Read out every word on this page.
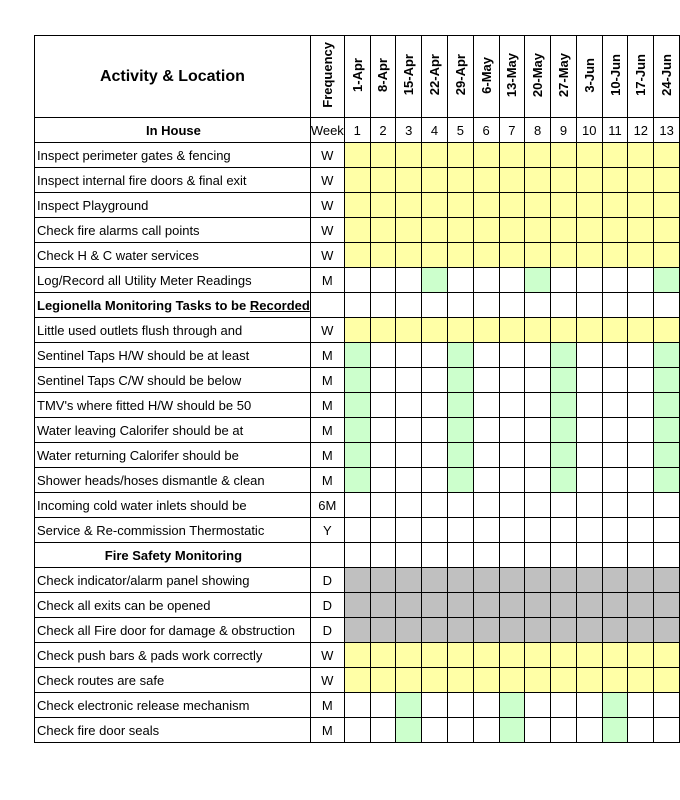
Activity & Location	Frequency	1-Apr	8-Apr	15-Apr	22-Apr	29-Apr	6-May	13-May	20-May	27-May	3-Jun	10-Jun	17-Jun	24-Jun
In House	Week	1	2	3	4	5	6	7	8	9	10	11	12	13
Inspect perimeter gates & fencing	W													
Inspect internal fire doors & final exit	W													
Inspect Playground	W													
Check fire alarms call points	W													
Check H & C water services	W													
Log/Record all Utility Meter Readings	M													
Legionella Monitoring Tasks to be Recorded														
Little used outlets flush through and	W													
Sentinel Taps H/W should be at least	M													
Sentinel Taps C/W should be below	M													
TMV's where fitted H/W should be 50	M													
Water leaving Calorifer should be at	M													
Water returning Calorifer should be	M													
Shower heads/hoses dismantle & clean	M													
Incoming cold water inlets should be	6M													
Service & Re-commission Thermostatic	Y													
Fire Safety Monitoring														
Check indicator/alarm panel showing	D													
Check all exits can be opened	D													
Check all Fire door for damage & obstruction	D													
Check push bars & pads work correctly	W													
Check routes are safe	W													
Check electronic release mechanism	M													
Check fire door seals	M													
